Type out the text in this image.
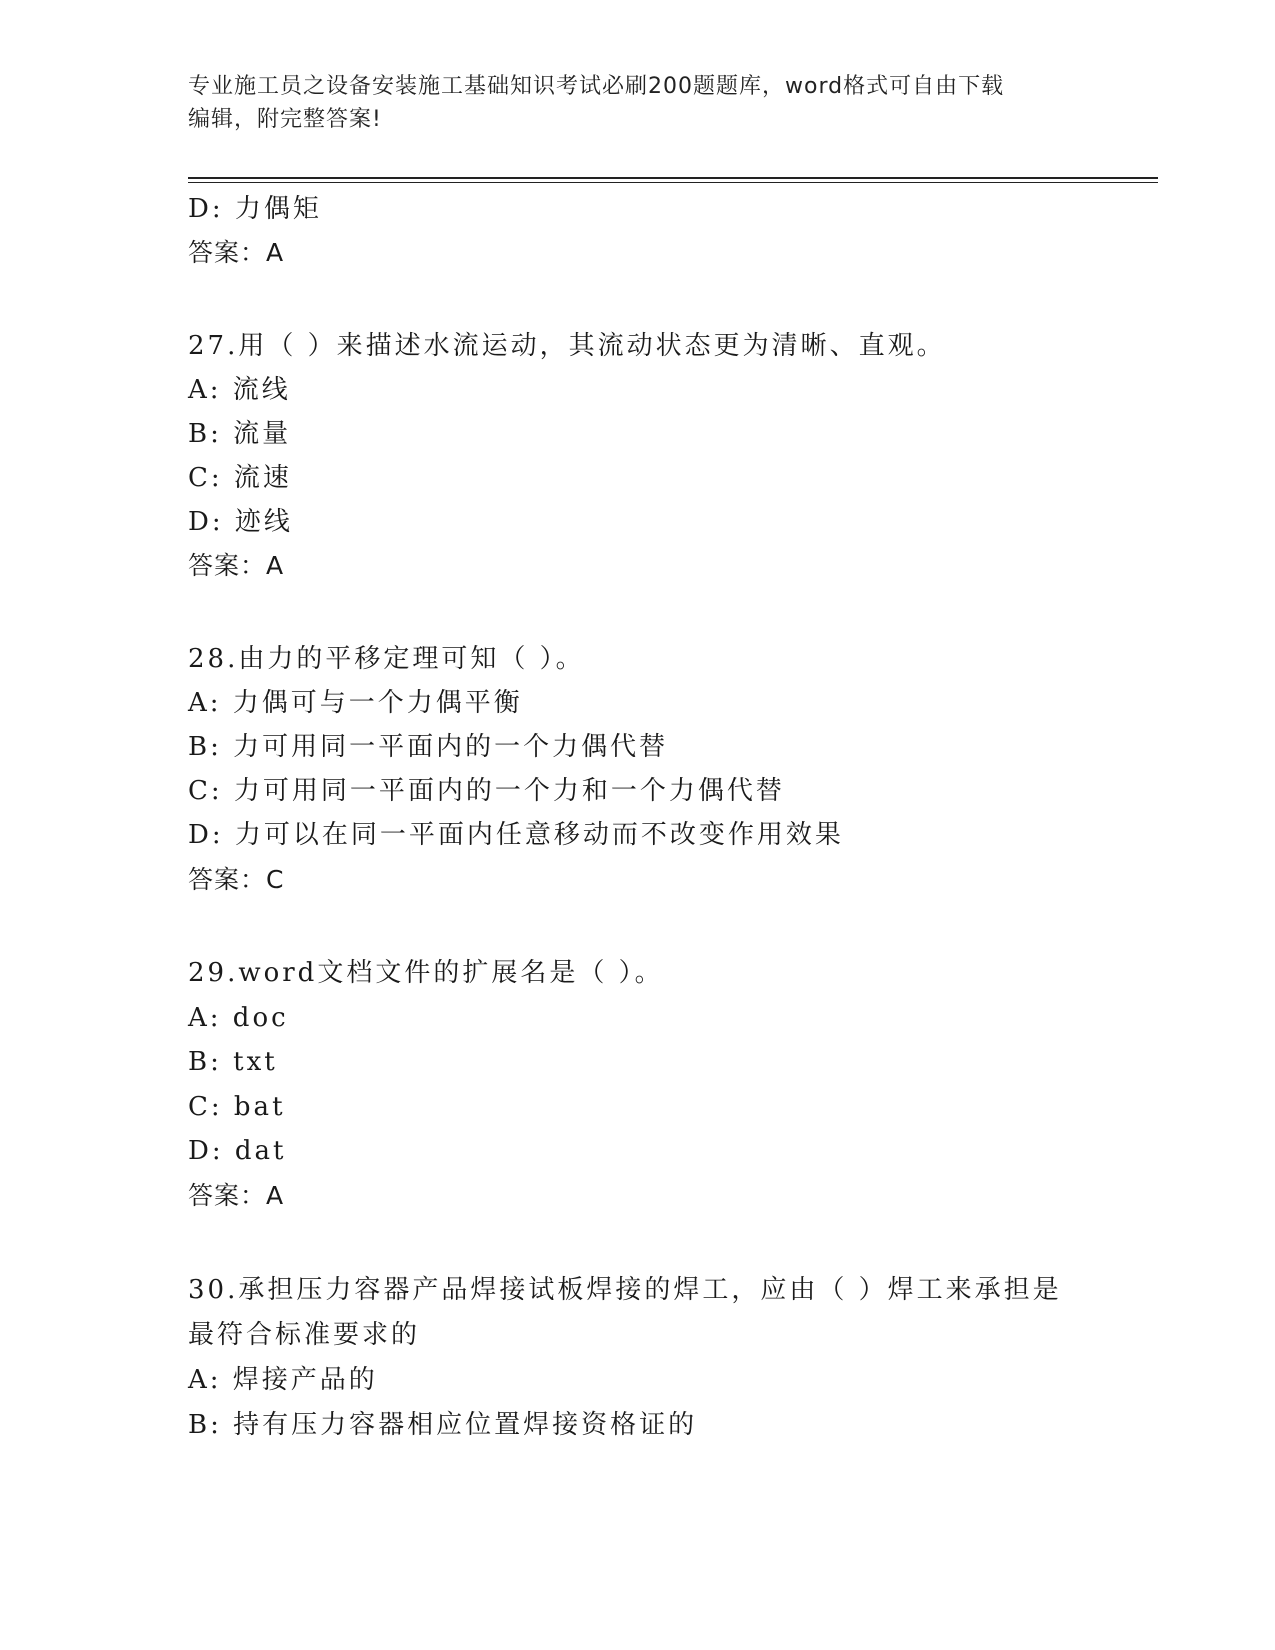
专业施工员之设备安装施工基础知识考试必刷200题题库，word格式可自由下载
编辑，附完整答案!
D: 力偶矩
答案：A
27.用（ ）来描述水流运动，其流动状态更为清晰、直观。
A: 流线
B: 流量
C: 流速
D: 迹线
答案：A
28.由力的平移定理可知（ ）。
A: 力偶可与一个力偶平衡
B: 力可用同一平面内的一个力偶代替
C: 力可用同一平面内的一个力和一个力偶代替
D: 力可以在同一平面内任意移动而不改变作用效果
答案：C
29.word文档文件的扩展名是（ ）。
A: doc
B: txt
C: bat
D: dat
答案：A
30.承担压力容器产品焊接试板焊接的焊工，应由（ ）焊工来承担是
最符合标准要求的
A: 焊接产品的
B: 持有压力容器相应位置焊接资格证的
